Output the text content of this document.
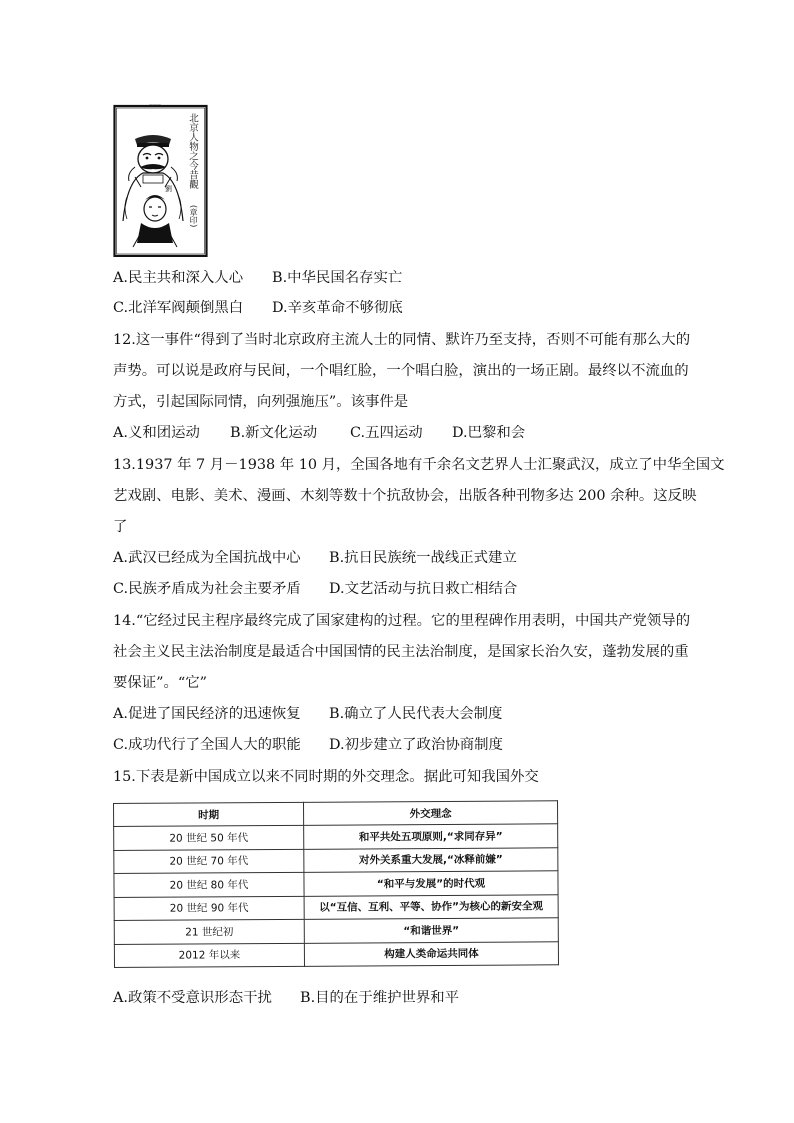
劉
———
北京人物之今昔觀
(章印)
A.民主共和深入人心 B.中华民国名存实亡
C.北洋军阀颠倒黑白 D.辛亥革命不够彻底
12.这一事件“得到了当时北京政府主流人士的同情、默许乃至支持，否则不可能有那么大的
声势。可以说是政府与民间，一个唱红脸，一个唱白脸，演出的一场正剧。最终以不流血的
方式，引起国际同情，向列强施压”。该事件是
A.义和团运动 B.新文化运动 C.五四运动 D.巴黎和会
13.1937 年 7 月－1938 年 10 月，全国各地有千余名文艺界人士汇聚武汉，成立了中华全国文
艺戏剧、电影、美术、漫画、木刻等数十个抗敌协会，出版各种刊物多达 200 余种。这反映
了
A.武汉已经成为全国抗战中心 B.抗日民族统一战线正式建立
C.民族矛盾成为社会主要矛盾 D.文艺活动与抗日救亡相结合
14.“它经过民主程序最终完成了国家建构的过程。它的里程碑作用表明，中国共产党领导的
社会主义民主法治制度是最适合中国国情的民主法治制度，是国家长治久安，蓬勃发展的重
要保证”。“它”
A.促进了国民经济的迅速恢复 B.确立了人民代表大会制度
C.成功代行了全国人大的职能 D.初步建立了政治协商制度
15.下表是新中国成立以来不同时期的外交理念。据此可知我国外交
时期	外交理念
20 世纪 50 年代	和平共处五项原则,“求同存异”
20 世纪 70 年代	对外关系重大发展,“冰释前嫌”
20 世纪 80 年代	“和平与发展”的时代观
20 世纪 90 年代	以“互信、互利、平等、协作”为核心的新安全观
21 世纪初	“和谐世界”
2012 年以来	构建人类命运共同体
A.政策不受意识形态干扰 B.目的在于维护世界和平
